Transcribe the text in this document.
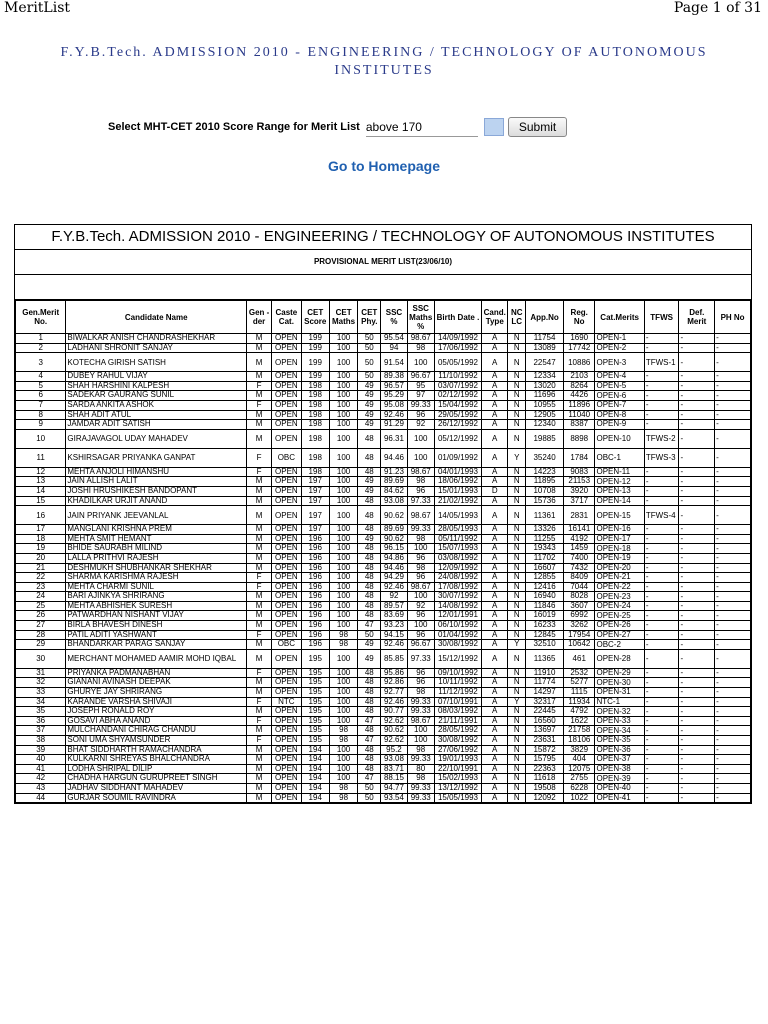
MeritList	Page 1 of 31
F.Y.B.Tech. ADMISSION 2010 - ENGINEERING / TECHNOLOGY OF AUTONOMOUS
INSTITUTES
Select MHT-CET 2010 Score Range for Merit List above 170	Submit
Go to Homepage
F.Y.B.Tech. ADMISSION 2010 - ENGINEERING / TECHNOLOGY OF AUTONOMOUS INSTITUTES
PROVISIONAL MERIT LIST(23/06/10)
Gen.Merit No.	Candidate Name	Gen -der	Caste Cat.	CET Score	CET Maths	CET Phy.	SSC %	SSC Maths %	Birth Date .	Cand. Type	NC LC	App.No	Reg. No	Cat.Merits	TFWS	Def. Merit	PH No
1	BIWALKAR ANISH CHANDRASHEKHAR	M	OPEN	199	100	50	95.54	98.67	14/09/1992	A	N	11754	1690	OPEN-1	-	-	-
2	LADHANI SHRONIT SANJAY	M	OPEN	199	100	50	94	98	17/06/1992	A	N	13089	17742	OPEN-2	-	-	-
3	KOTECHA GIRISH SATISH	M	OPEN	199	100	50	91.54	100	05/05/1992	A	N	22547	10886	OPEN-3	TFWS-1	-	-
4	DUBEY RAHUL VIJAY	M	OPEN	199	100	50	89.38	96.67	11/10/1992	A	N	12334	2103	OPEN-4	-	-	-
5	SHAH HARSHINI KALPESH	F	OPEN	198	100	49	96.57	95	03/07/1992	A	N	13020	8264	OPEN-5	-	-	-
6	SADEKAR GAURANG SUNIL	M	OPEN	198	100	49	95.29	97	02/12/1992	A	N	11696	4426	OPEN-6	-	-	-
7	SARDA ANKITA ASHOK	F	OPEN	198	100	49	95.08	99.33	15/04/1992	A	N	10955	11896	OPEN-7	-	-	-
8	SHAH ADIT ATUL	M	OPEN	198	100	49	92.46	96	29/05/1992	A	N	12905	11040	OPEN-8	-	-	-
9	JAMDAR ADIT SATISH	M	OPEN	198	100	49	91.29	92	26/12/1992	A	N	12340	8387	OPEN-9	-	-	-
10	GIRAJAVAGOL UDAY MAHADEV	M	OPEN	198	100	48	96.31	100	05/12/1992	A	N	19885	8898	OPEN-10	TFWS-2	-	-
11	KSHIRSAGAR PRIYANKA GANPAT	F	OBC	198	100	48	94.46	100	01/09/1992	A	Y	35240	1784	OBC-1	TFWS-3	-	-
12	MEHTA ANJOLI HIMANSHU	F	OPEN	198	100	48	91.23	98.67	04/01/1993	A	N	14223	9083	OPEN-11	-	-	-
13	JAIN ALLISH LALIT	M	OPEN	197	100	49	89.69	98	18/06/1992	A	N	11895	21153	OPEN-12	-	-	-
14	JOSHI HRUSHIKESH BANDOPANT	M	OPEN	197	100	49	84.62	96	15/01/1993	D	N	10708	3920	OPEN-13	-	-	-
15	KHADILKAR URJIT ANAND	M	OPEN	197	100	48	93.08	97.33	21/02/1992	A	N	15736	3717	OPEN-14	-	-	-
16	JAIN PRIYANK JEEVANLAL	M	OPEN	197	100	48	90.62	98.67	14/05/1993	A	N	11361	2831	OPEN-15	TFWS-4	-	-
17	MANGLANI KRISHNA PREM	M	OPEN	197	100	48	89.69	99.33	28/05/1993	A	N	13326	16141	OPEN-16	-	-	-
18	MEHTA SMIT HEMANT	M	OPEN	196	100	49	90.62	98	05/11/1992	A	N	11255	4192	OPEN-17	-	-	-
19	BHIDE SAURABH MILIND	M	OPEN	196	100	48	96.15	100	15/07/1993	A	N	19343	1459	OPEN-18	-	-	-
20	LALLA PRITHVI RAJESH	M	OPEN	196	100	48	94.86	96	03/08/1992	A	N	11702	7400	OPEN-19	-	-	-
21	DESHMUKH SHUBHANKAR SHEKHAR	M	OPEN	196	100	48	94.46	98	12/09/1992	A	N	16607	7432	OPEN-20	-	-	-
22	SHARMA KARISHMA RAJESH	F	OPEN	196	100	48	94.29	96	24/08/1992	A	N	12855	8409	OPEN-21	-	-	-
23	MEHTA CHARMI SUNIL	F	OPEN	196	100	48	92.46	98.67	17/08/1992	A	N	12416	7044	OPEN-22	-	-	-
24	BARI AJINKYA SHRIRANG	M	OPEN	196	100	48	92	100	30/07/1992	A	N	16940	8028	OPEN-23	-	-	-
25	MEHTA ABHISHEK SURESH	M	OPEN	196	100	48	89.57	92	14/08/1992	A	N	11846	3607	OPEN-24	-	-	-
26	PATWARDHAN NISHANT VIJAY	M	OPEN	196	100	48	83.69	96	12/01/1991	A	N	16019	6992	OPEN-25	-	-	-
27	BIRLA BHAVESH DINESH	M	OPEN	196	100	47	93.23	100	06/10/1992	A	N	16233	3262	OPEN-26	-	-	-
28	PATIL ADITI YASHWANT	F	OPEN	196	98	50	94.15	96	01/04/1992	A	N	12845	17954	OPEN-27	-	-	-
29	BHANDARKAR PARAG SANJAY	M	OBC	196	98	49	92.46	96.67	30/08/1992	A	Y	32510	10642	OBC-2	-	-	-
30	MERCHANT MOHAMED AAMIR MOHD IQBAL	M	OPEN	195	100	49	85.85	97.33	15/12/1992	A	N	11365	461	OPEN-28	-	-	-
31	PRIYANKA PADMANABHAN	F	OPEN	195	100	48	95.86	96	09/10/1992	A	N	11910	2532	OPEN-29	-	-	-
32	GIANANI AVINASH DEEPAK	M	OPEN	195	100	48	92.86	96	10/11/1992	A	N	11774	5277	OPEN-30	-	-	-
33	GHURYE JAY SHRIRANG	M	OPEN	195	100	48	92.77	98	11/12/1992	A	N	14297	1115	OPEN-31	-	-	-
34	KARANDE VARSHA SHIVAJI	F	NTC	195	100	48	92.46	99.33	07/10/1991	A	Y	32317	11934	NTC-1	-	-	-
35	JOSEPH RONALD ROY	M	OPEN	195	100	48	90.77	99.33	08/03/1992	A	N	22445	4792	OPEN-32	-	-	-
36	GOSAVI ABHA ANAND	F	OPEN	195	100	47	92.62	98.67	21/11/1991	A	N	16560	1622	OPEN-33	-	-	-
37	MULCHANDANI CHIRAG CHANDU	M	OPEN	195	98	48	90.62	100	28/05/1992	A	N	13697	21758	OPEN-34	-	-	-
38	SONI UMA SHYAMSUNDER	F	OPEN	195	98	47	92.62	100	30/08/1992	A	N	23631	18106	OPEN-35	-	-	-
39	BHAT SIDDHARTH RAMACHANDRA	M	OPEN	194	100	48	95.2	98	27/06/1992	A	N	15872	3829	OPEN-36	-	-	-
40	KULKARNI SHREYAS BHALCHANDRA	M	OPEN	194	100	48	93.08	99.33	19/01/1993	A	N	15795	404	OPEN-37	-	-	-
41	LODHA SHRIPAL DILIP	M	OPEN	194	100	48	83.71	80	22/10/1991	A	N	22363	12075	OPEN-38	-	-	-
42	CHADHA HARGUN GURUPREET SINGH	M	OPEN	194	100	47	88.15	98	15/02/1993	A	N	11618	2755	OPEN-39	-	-	-
43	JADHAV SIDDHANT MAHADEV	M	OPEN	194	98	50	94.77	99.33	13/12/1992	A	N	19508	6228	OPEN-40	-	-	-
44	GURJAR SOUMIL RAVINDRA	M	OPEN	194	98	50	93.54	99.33	15/05/1993	A	N	12092	1022	OPEN-41	-	-	-
